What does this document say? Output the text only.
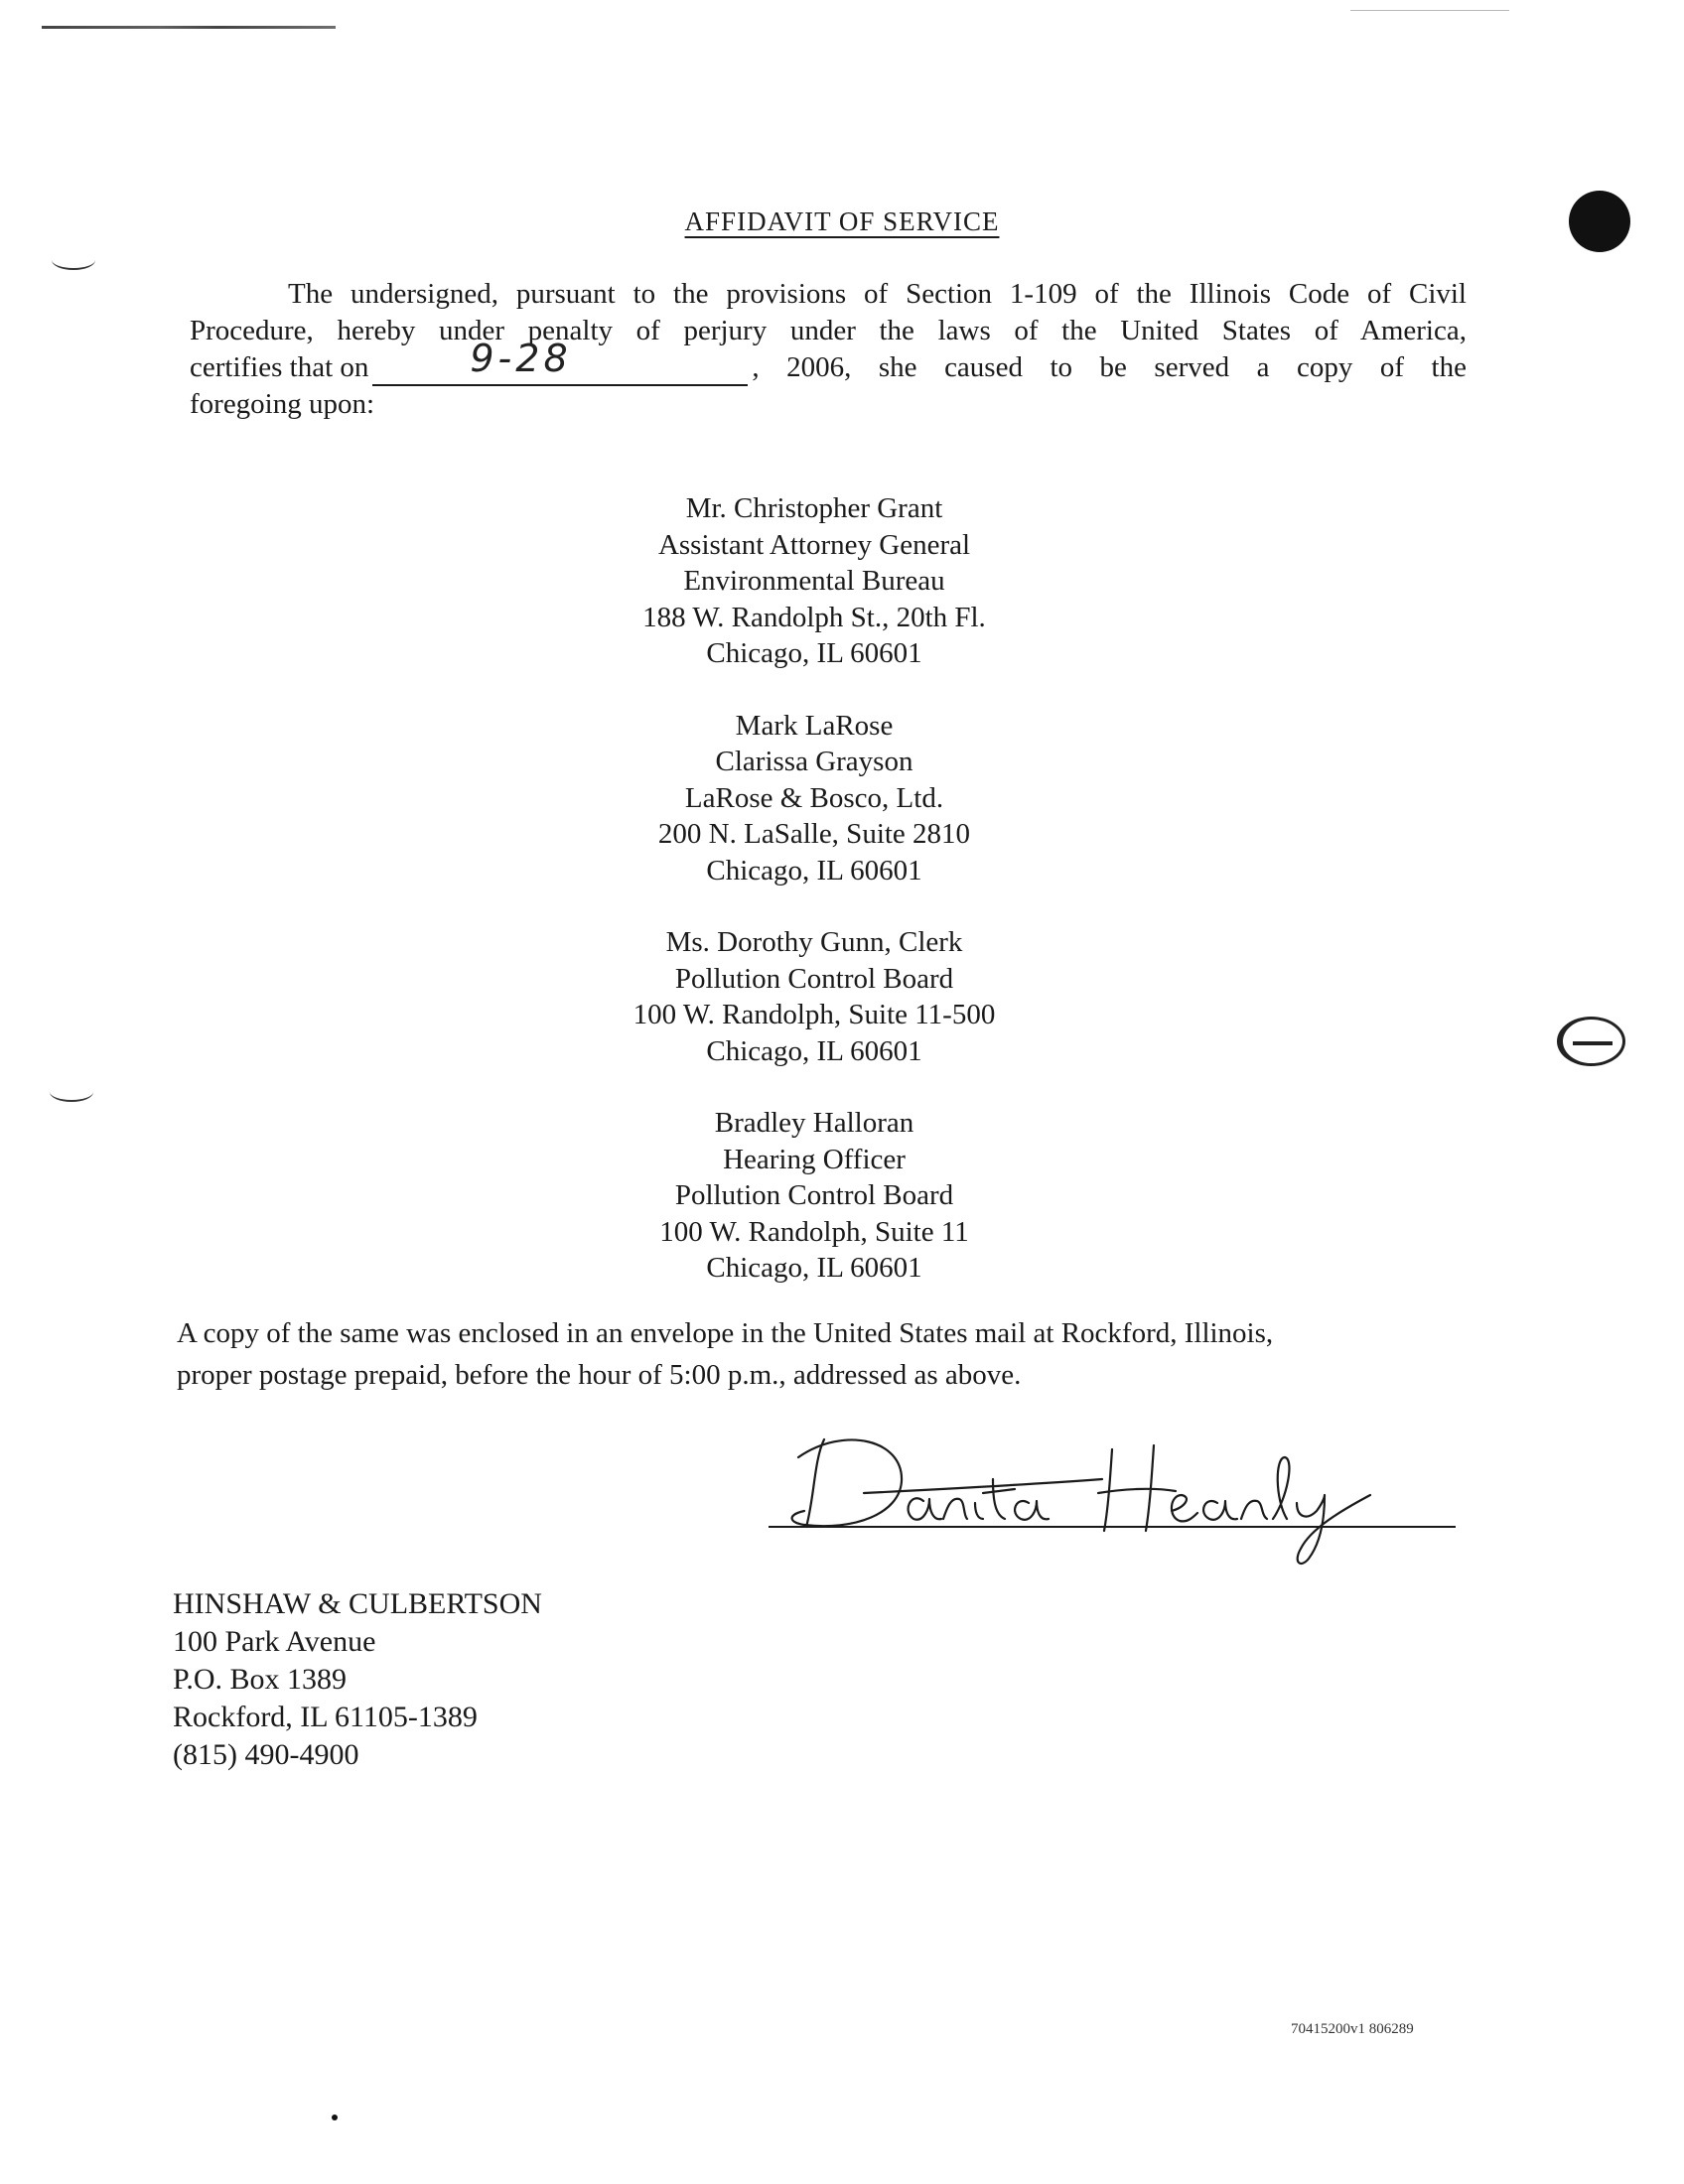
AFFIDAVIT OF SERVICE
The undersigned, pursuant to the provisions of Section 1-109 of the Illinois Code of Civil
Procedure, hereby under penalty of perjury under the laws of the United States of America,
certifies that on	9-28	, 2006, she caused to be served a copy of the
foregoing upon:
Mr. Christopher Grant
Assistant Attorney General
Environmental Bureau
188 W. Randolph St., 20th Fl.
Chicago, IL 60601
Mark LaRose
Clarissa Grayson
LaRose & Bosco, Ltd.
200 N. LaSalle, Suite 2810
Chicago, IL 60601
Ms. Dorothy Gunn, Clerk
Pollution Control Board
100 W. Randolph, Suite 11-500
Chicago, IL 60601
Bradley Halloran
Hearing Officer
Pollution Control Board
100 W. Randolph, Suite 11
Chicago, IL 60601
A copy of the same was enclosed in an envelope in the United States mail at Rockford, Illinois,
proper postage prepaid, before the hour of 5:00 p.m., addressed as above.
Danita Hearly
HINSHAW & CULBERTSON
100 Park Avenue
P.O. Box 1389
Rockford, IL 61105-1389
(815) 490-4900
70415200v1 806289
